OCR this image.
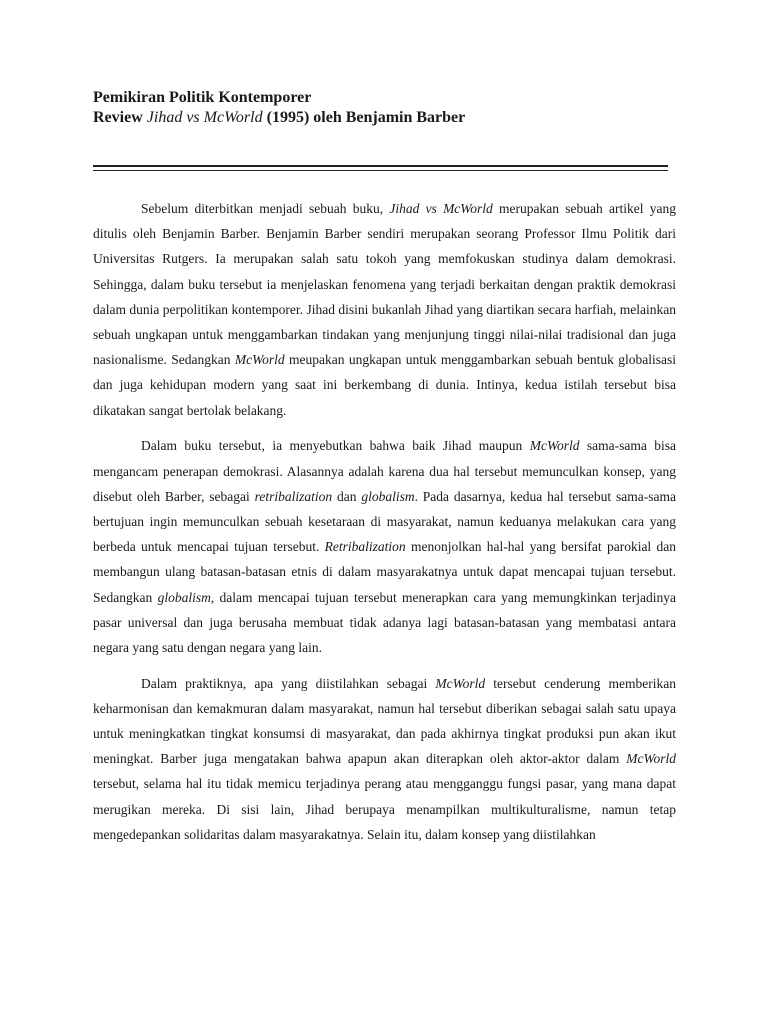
Pemikiran Politik Kontemporer

Review Jihad vs McWorld (1995) oleh Benjamin Barber

Sebelum diterbitkan menjadi sebuah buku, Jihad vs McWorld merupakan sebuah artikel yang ditulis oleh Benjamin Barber. Benjamin Barber sendiri merupakan seorang Professor Ilmu Politik dari Universitas Rutgers. Ia merupakan salah satu tokoh yang memfokuskan studinya dalam demokrasi. Sehingga, dalam buku tersebut ia menjelaskan fenomena yang terjadi berkaitan dengan praktik demokrasi dalam dunia perpolitikan kontemporer. Jihad disini bukanlah Jihad yang diartikan secara harfiah, melainkan sebuah ungkapan untuk menggambarkan tindakan yang menjunjung tinggi nilai-nilai tradisional dan juga nasionalisme. Sedangkan McWorld meupakan ungkapan untuk menggambarkan sebuah bentuk globalisasi dan juga kehidupan modern yang saat ini berkembang di dunia. Intinya, kedua istilah tersebut bisa dikatakan sangat bertolak belakang.

Dalam buku tersebut, ia menyebutkan bahwa baik Jihad maupun McWorld sama-sama bisa mengancam penerapan demokrasi. Alasannya adalah karena dua hal tersebut memunculkan konsep, yang disebut oleh Barber, sebagai retribalization dan globalism. Pada dasarnya, kedua hal tersebut sama-sama bertujuan ingin memunculkan sebuah kesetaraan di masyarakat, namun keduanya melakukan cara yang berbeda untuk mencapai tujuan tersebut. Retribalization menonjolkan hal-hal yang bersifat parokial dan membangun ulang batasan-batasan etnis di dalam masyarakatnya untuk dapat mencapai tujuan tersebut. Sedangkan globalism, dalam mencapai tujuan tersebut menerapkan cara yang memungkinkan terjadinya pasar universal dan juga berusaha membuat tidak adanya lagi batasan-batasan yang membatasi antara negara yang satu dengan negara yang lain.

Dalam praktiknya, apa yang diistilahkan sebagai McWorld tersebut cenderung memberikan keharmonisan dan kemakmuran dalam masyarakat, namun hal tersebut diberikan sebagai salah satu upaya untuk meningkatkan tingkat konsumsi di masyarakat, dan pada akhirnya tingkat produksi pun akan ikut meningkat. Barber juga mengatakan bahwa apapun akan diterapkan oleh aktor-aktor dalam McWorld tersebut, selama hal itu tidak memicu terjadinya perang atau mengganggu fungsi pasar, yang mana dapat merugikan mereka. Di sisi lain, Jihad berupaya menampilkan multikulturalisme, namun tetap mengedepankan solidaritas dalam masyarakatnya. Selain itu, dalam konsep yang diistilahkan
